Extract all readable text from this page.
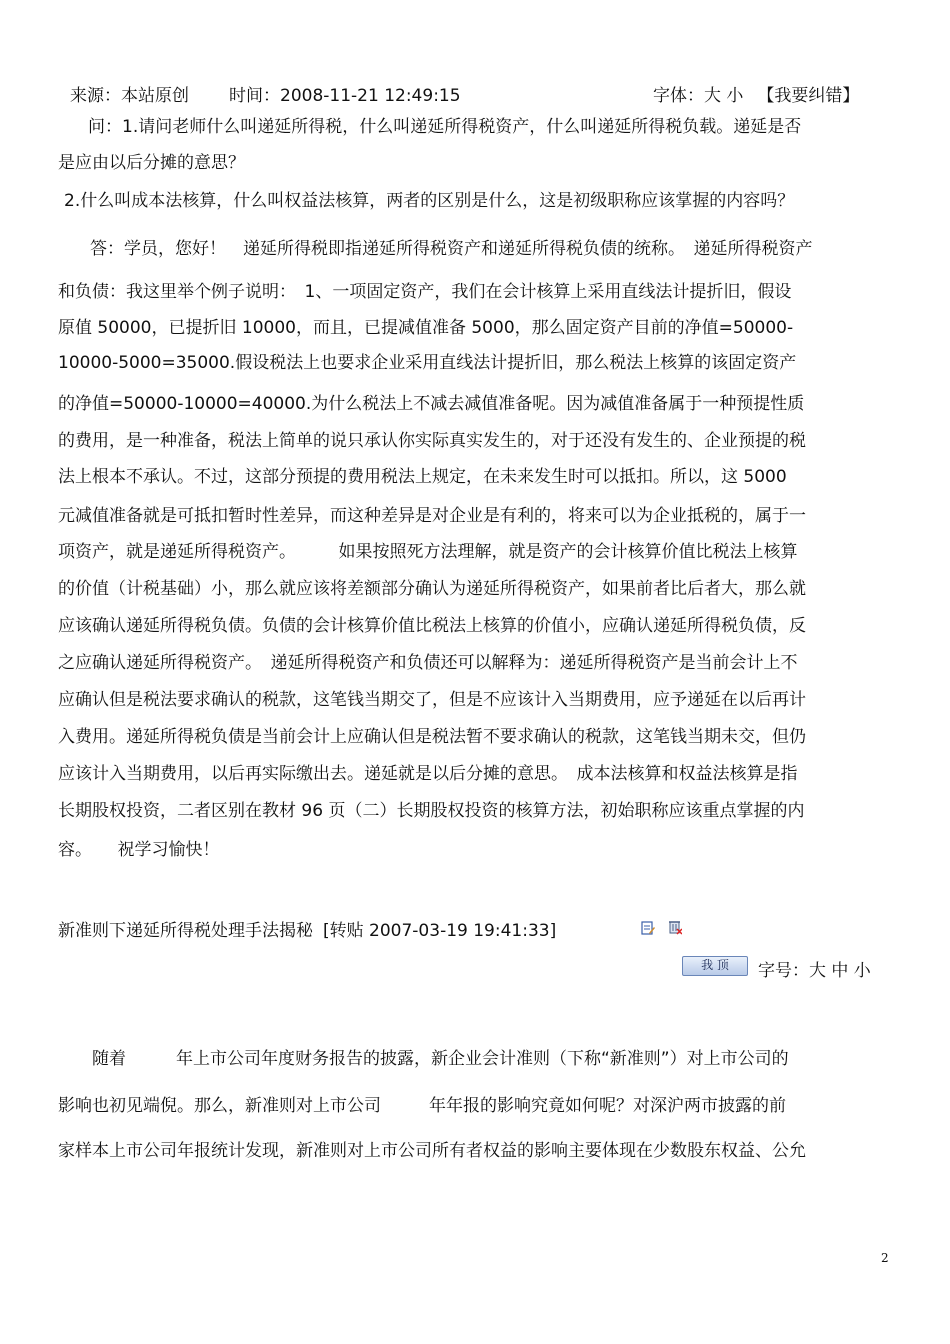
来源：本站原创 时间：2008-11-21 12:49:15	字体：大 小 【我要纠错】
问：1.请问老师什么叫递延所得税，什么叫递延所得税资产，什么叫递延所得税负载。递延是否
是应由以后分摊的意思？
2.什么叫成本法核算，什么叫权益法核算，两者的区别是什么，这是初级职称应该掌握的内容吗？
答：学员，您好！　递延所得税即指递延所得税资产和递延所得税负债的统称。　递延所得税资产
和负债：我这里举个例子说明：　1、一项固定资产，我们在会计核算上采用直线法计提折旧，假设
原值 50000，已提折旧 10000，而且，已提减值准备 5000，那么固定资产目前的净值=50000-
10000-5000=35000.假设税法上也要求企业采用直线法计提折旧，那么税法上核算的该固定资产
的净值=50000-10000=40000.为什么税法上不减去减值准备呢。因为减值准备属于一种预提性质
的费用，是一种准备，税法上简单的说只承认你实际真实发生的，对于还没有发生的、企业预提的税
法上根本不承认。不过，这部分预提的费用税法上规定，在未来发生时可以抵扣。所以，这 5000
元减值准备就是可抵扣暂时性差异，而这种差异是对企业是有利的，将来可以为企业抵税的，属于一
项资产，就是递延所得税资产。　　　如果按照死方法理解，就是资产的会计核算价值比税法上核算
的价值（计税基础）小，那么就应该将差额部分确认为递延所得税资产，如果前者比后者大，那么就
应该确认递延所得税负债。负债的会计核算价值比税法上核算的价值小，应确认递延所得税负债，反
之应确认递延所得税资产。　递延所得税资产和负债还可以解释为：递延所得税资产是当前会计上不
应确认但是税法要求确认的税款，这笔钱当期交了，但是不应该计入当期费用，应予递延在以后再计
入费用。递延所得税负债是当前会计上应确认但是税法暂不要求确认的税款，这笔钱当期未交，但仍
应该计入当期费用，以后再实际缴出去。递延就是以后分摊的意思。　成本法核算和权益法核算是指
长期股权投资，二者区别在教材 96 页（二）长期股权投资的核算方法，初始职称应该重点掌握的内
容。　　祝学习愉快！
新准则下递延所得税处理手法揭秘 [转贴 2007-03-19 19:41:33]
我 顶	字号：大 中 小
随着	年上市公司年度财务报告的披露，新企业会计准则（下称“新准则”）对上市公司的
影响也初见端倪。那么，新准则对上市公司	年年报的影响究竟如何呢？对深沪两市披露的前
家样本上市公司年报统计发现，新准则对上市公司所有者权益的影响主要体现在少数股东权益、公允
2
